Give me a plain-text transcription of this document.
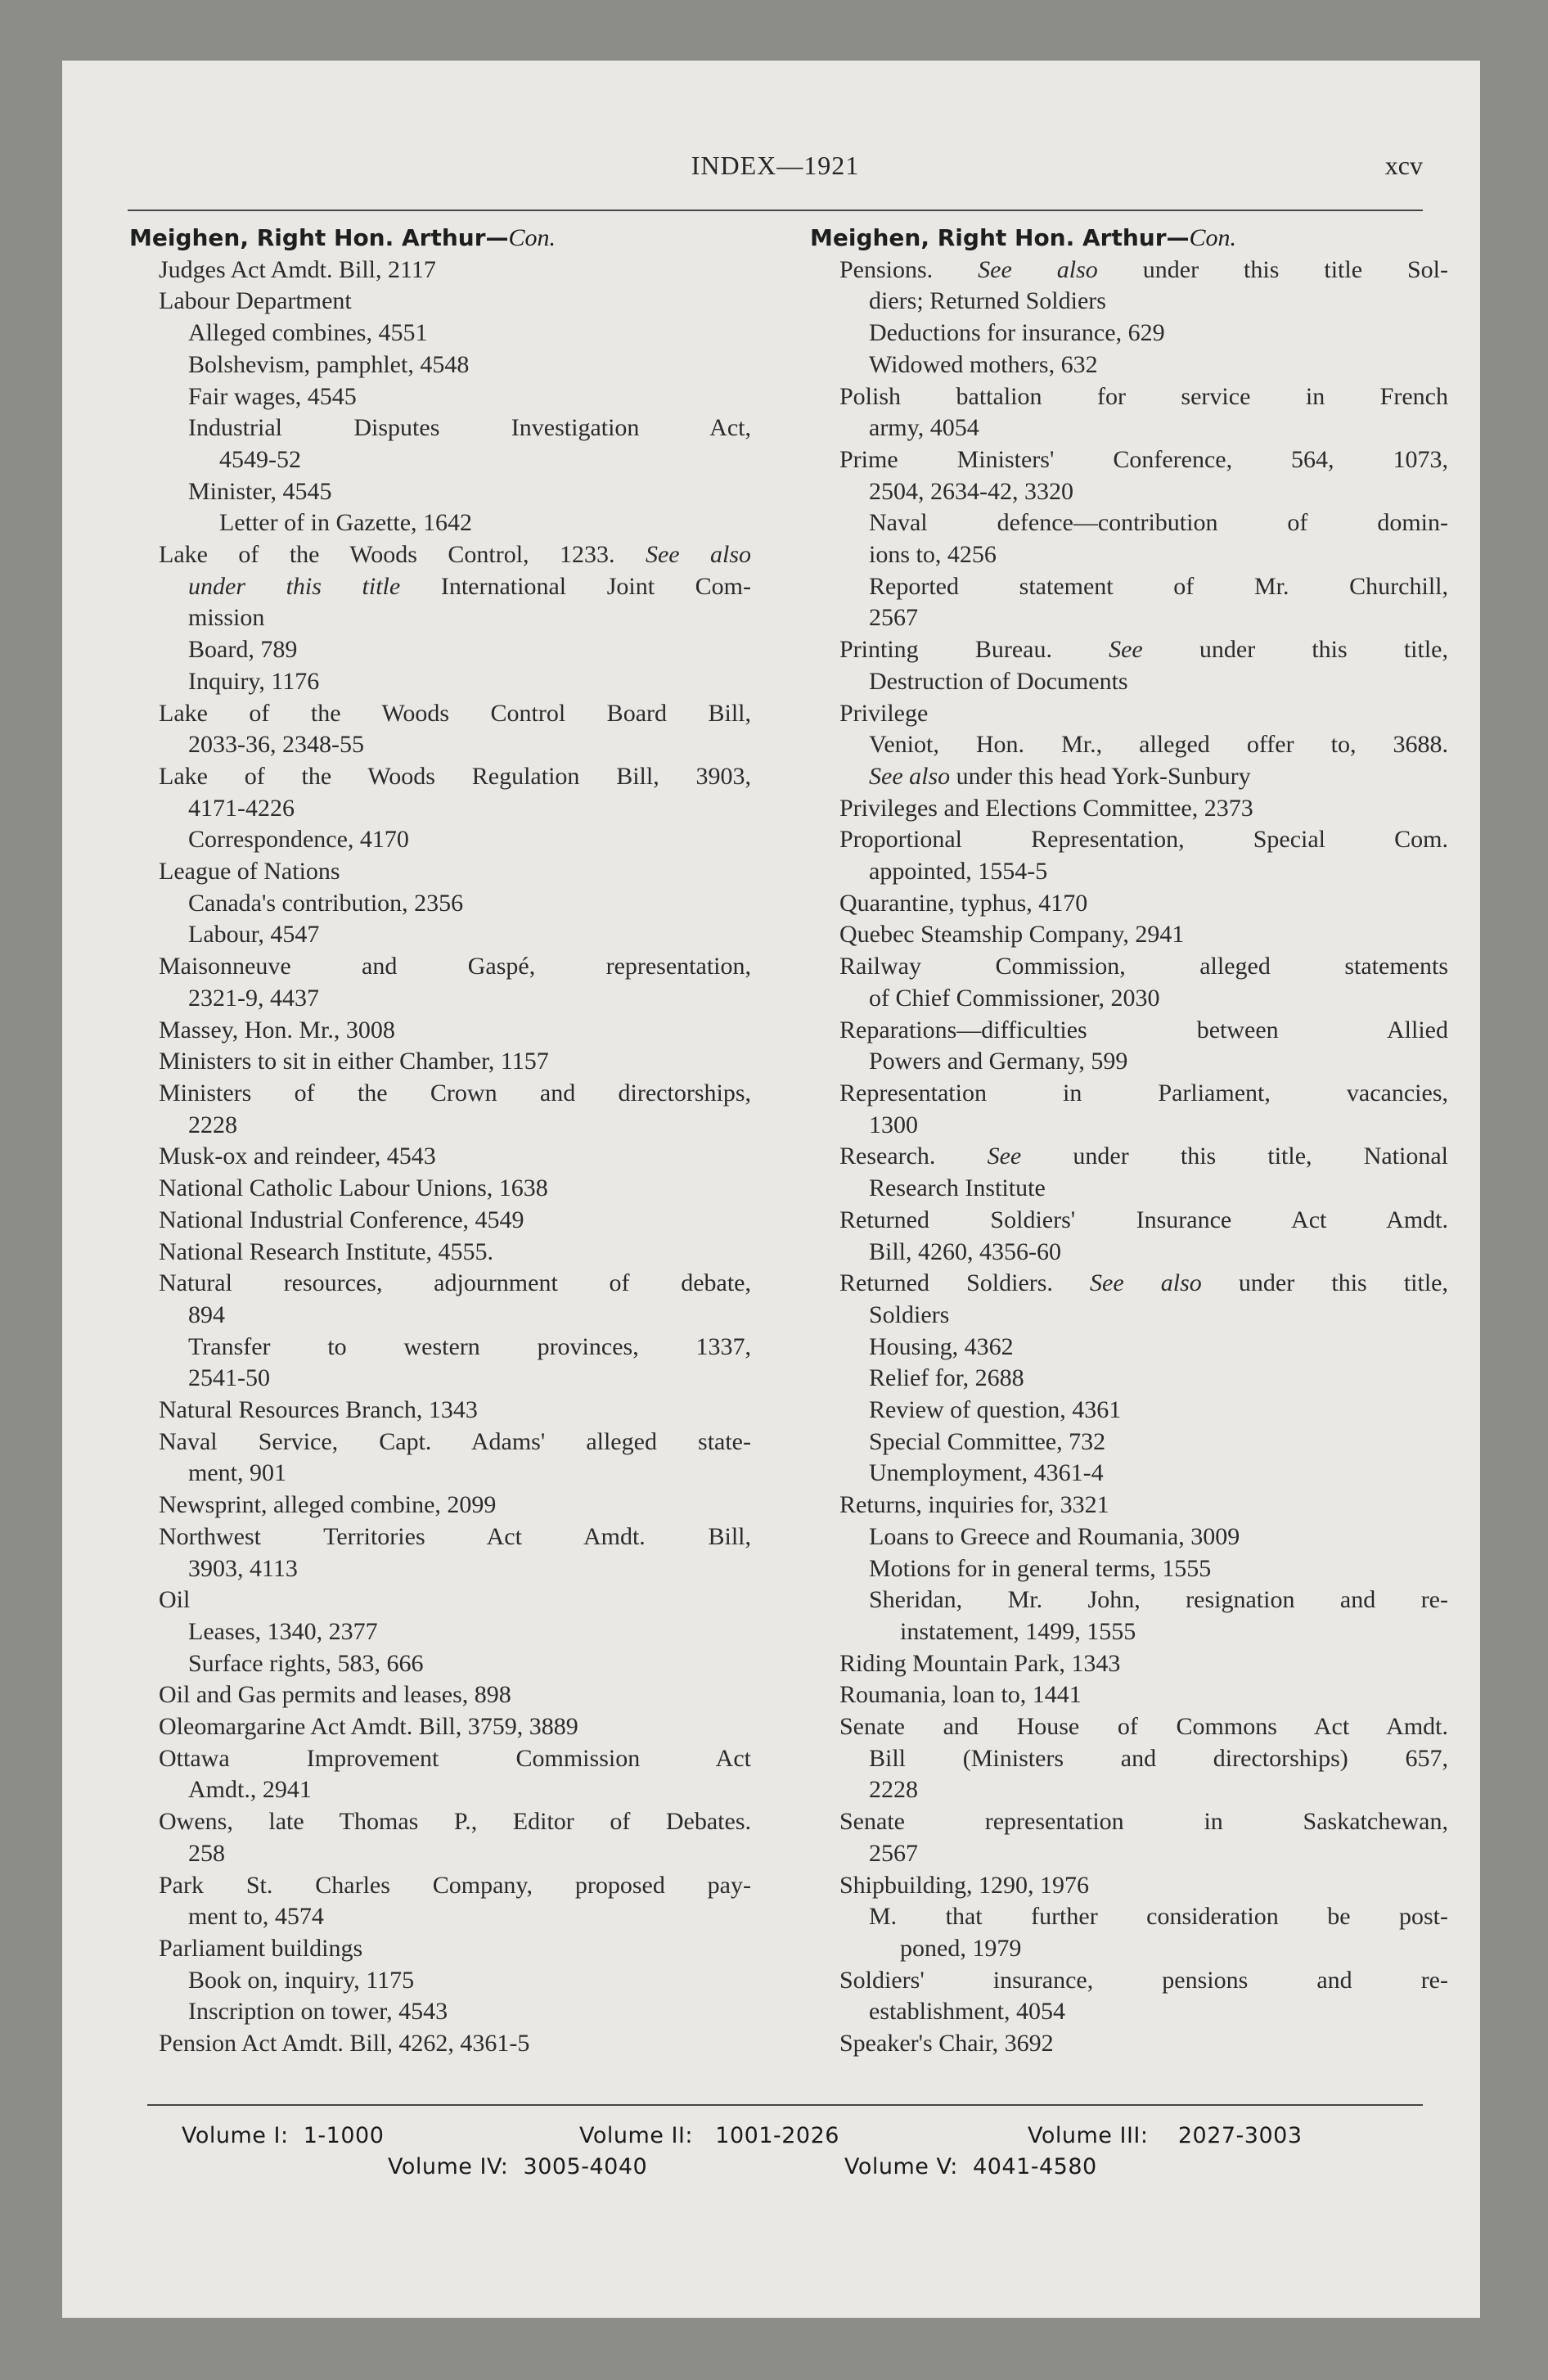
INDEX—1921	xcv
Meighen, Right Hon. Arthur—Con.
Judges Act Amdt. Bill, 2117
Labour Department
Alleged combines, 4551
Bolshevism, pamphlet, 4548
Fair wages, 4545
Industrial Disputes Investigation Act,
4549-52
Minister, 4545
Letter of in Gazette, 1642
Lake of the Woods Control, 1233. See also
under this title International Joint Com-
mission
Board, 789
Inquiry, 1176
Lake of the Woods Control Board Bill,
2033-36, 2348-55
Lake of the Woods Regulation Bill, 3903,
4171-4226
Correspondence, 4170
League of Nations
Canada's contribution, 2356
Labour, 4547
Maisonneuve and Gaspé, representation,
2321-9, 4437
Massey, Hon. Mr., 3008
Ministers to sit in either Chamber, 1157
Ministers of the Crown and directorships,
2228
Musk-ox and reindeer, 4543
National Catholic Labour Unions, 1638
National Industrial Conference, 4549
National Research Institute, 4555.
Natural resources, adjournment of debate,
894
Transfer to western provinces, 1337,
2541-50
Natural Resources Branch, 1343
Naval Service, Capt. Adams' alleged state-
ment, 901
Newsprint, alleged combine, 2099
Northwest Territories Act Amdt. Bill,
3903, 4113
Oil
Leases, 1340, 2377
Surface rights, 583, 666
Oil and Gas permits and leases, 898
Oleomargarine Act Amdt. Bill, 3759, 3889
Ottawa Improvement Commission Act
Amdt., 2941
Owens, late Thomas P., Editor of Debates.
258
Park St. Charles Company, proposed pay-
ment to, 4574
Parliament buildings
Book on, inquiry, 1175
Inscription on tower, 4543
Pension Act Amdt. Bill, 4262, 4361-5
Meighen, Right Hon. Arthur—Con.
Pensions. See also under this title Sol-
diers; Returned Soldiers
Deductions for insurance, 629
Widowed mothers, 632
Polish battalion for service in French
army, 4054
Prime Ministers' Conference, 564, 1073,
2504, 2634-42, 3320
Naval defence—contribution of domin-
ions to, 4256
Reported statement of Mr. Churchill,
2567
Printing Bureau. See under this title,
Destruction of Documents
Privilege
Veniot, Hon. Mr., alleged offer to, 3688.
See also under this head York-Sunbury
Privileges and Elections Committee, 2373
Proportional Representation, Special Com.
appointed, 1554-5
Quarantine, typhus, 4170
Quebec Steamship Company, 2941
Railway Commission, alleged statements
of Chief Commissioner, 2030
Reparations—difficulties between Allied
Powers and Germany, 599
Representation in Parliament, vacancies,
1300
Research. See under this title, National
Research Institute
Returned Soldiers' Insurance Act Amdt.
Bill, 4260, 4356-60
Returned Soldiers. See also under this title,
Soldiers
Housing, 4362
Relief for, 2688
Review of question, 4361
Special Committee, 732
Unemployment, 4361-4
Returns, inquiries for, 3321
Loans to Greece and Roumania, 3009
Motions for in general terms, 1555
Sheridan, Mr. John, resignation and re-
instatement, 1499, 1555
Riding Mountain Park, 1343
Roumania, loan to, 1441
Senate and House of Commons Act Amdt.
Bill (Ministers and directorships) 657,
2228
Senate representation in Saskatchewan,
2567
Shipbuilding, 1290, 1976
M. that further consideration be post-
poned, 1979
Soldiers' insurance, pensions and re-
establishment, 4054
Speaker's Chair, 3692
Volume I: 1-1000	Volume II: 1001-2026	Volume III: 2027-3003
Volume IV: 3005-4040	Volume V: 4041-4580
